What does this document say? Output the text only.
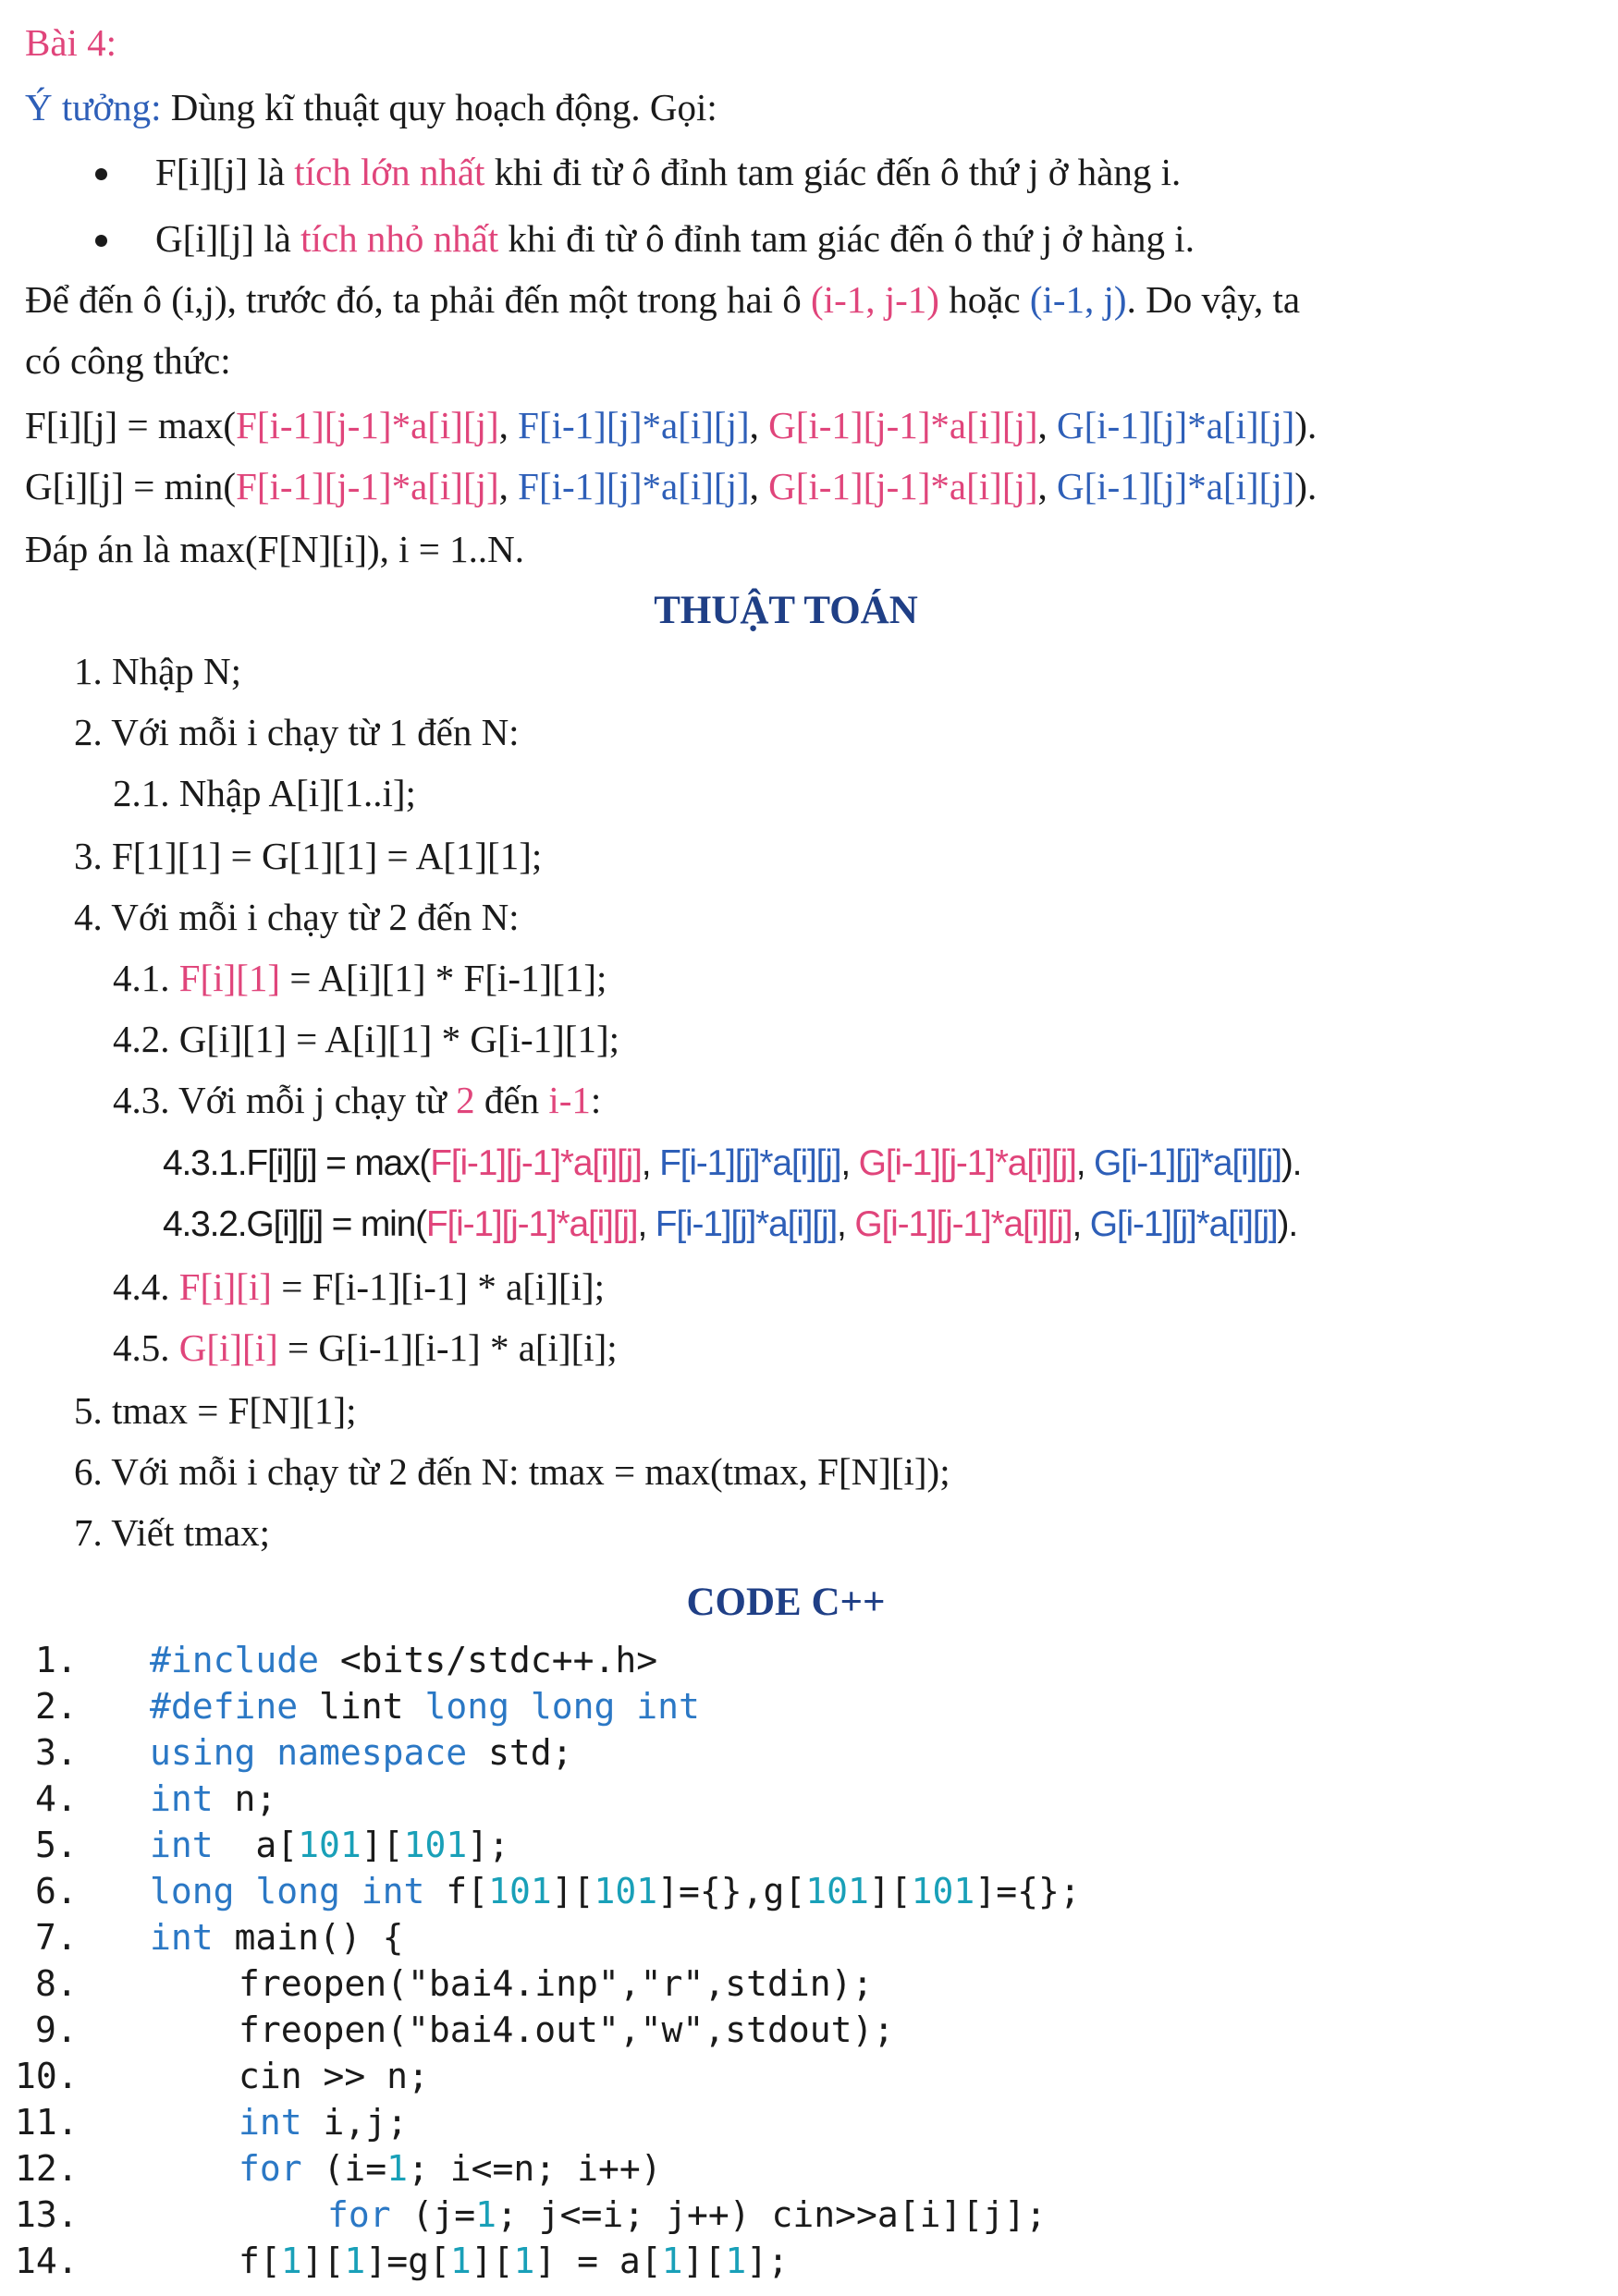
Bài 4:
Ý tưởng: Dùng kĩ thuật quy hoạch động. Gọi:
F[i][j] là tích lớn nhất khi đi từ ô đỉnh tam giác đến ô thứ j ở hàng i.
G[i][j] là tích nhỏ nhất khi đi từ ô đỉnh tam giác đến ô thứ j ở hàng i.
Để đến ô (i,j), trước đó, ta phải đến một trong hai ô (i-1, j-1) hoặc (i-1, j). Do vậy, ta
có công thức:
F[i][j] = max(F[i-1][j-1]*a[i][j], F[i-1][j]*a[i][j], G[i-1][j-1]*a[i][j], G[i-1][j]*a[i][j]).
G[i][j] = min(F[i-1][j-1]*a[i][j], F[i-1][j]*a[i][j], G[i-1][j-1]*a[i][j], G[i-1][j]*a[i][j]).
Đáp án là max(F[N][i]), i = 1..N.
THUẬT TOÁN
1. Nhập N;
2. Với mỗi i chạy từ 1 đến N:
2.1. Nhập A[i][1..i];
3. F[1][1] = G[1][1] = A[1][1];
4. Với mỗi i chạy từ 2 đến N:
4.1. F[i][1] = A[i][1] * F[i-1][1];
4.2. G[i][1] = A[i][1] * G[i-1][1];
4.3. Với mỗi j chạy từ 2 đến i-1:
4.3.1.F[i][j] = max(F[i-1][j-1]*a[i][j], F[i-1][j]*a[i][j], G[i-1][j-1]*a[i][j], G[i-1][j]*a[i][j]).
4.3.2.G[i][j] = min(F[i-1][j-1]*a[i][j], F[i-1][j]*a[i][j], G[i-1][j-1]*a[i][j], G[i-1][j]*a[i][j]).
4.4. F[i][i] = F[i-1][i-1] * a[i][i];
4.5. G[i][i] = G[i-1][i-1] * a[i][i];
5. tmax = F[N][1];
6. Với mỗi i chạy từ 2 đến N: tmax = max(tmax, F[N][i]);
7. Viết tmax;
CODE C++
1.
2.
3.
4.
5.
6.
7.
8.
9.
10.
11.
12.
13.
14.
#include <bits/stdc++.h>
#define lint long long int
using namespace std;
int n;
int  a[101][101];
long long int f[101][101]={},g[101][101]={};
int main() {
freopen("bai4.inp","r",stdin);
freopen("bai4.out","w",stdout);
cin >> n;
int i,j;
for (i=1; i<=n; i++)
for (j=1; j<=i; j++) cin>>a[i][j];
f[1][1]=g[1][1] = a[1][1];
